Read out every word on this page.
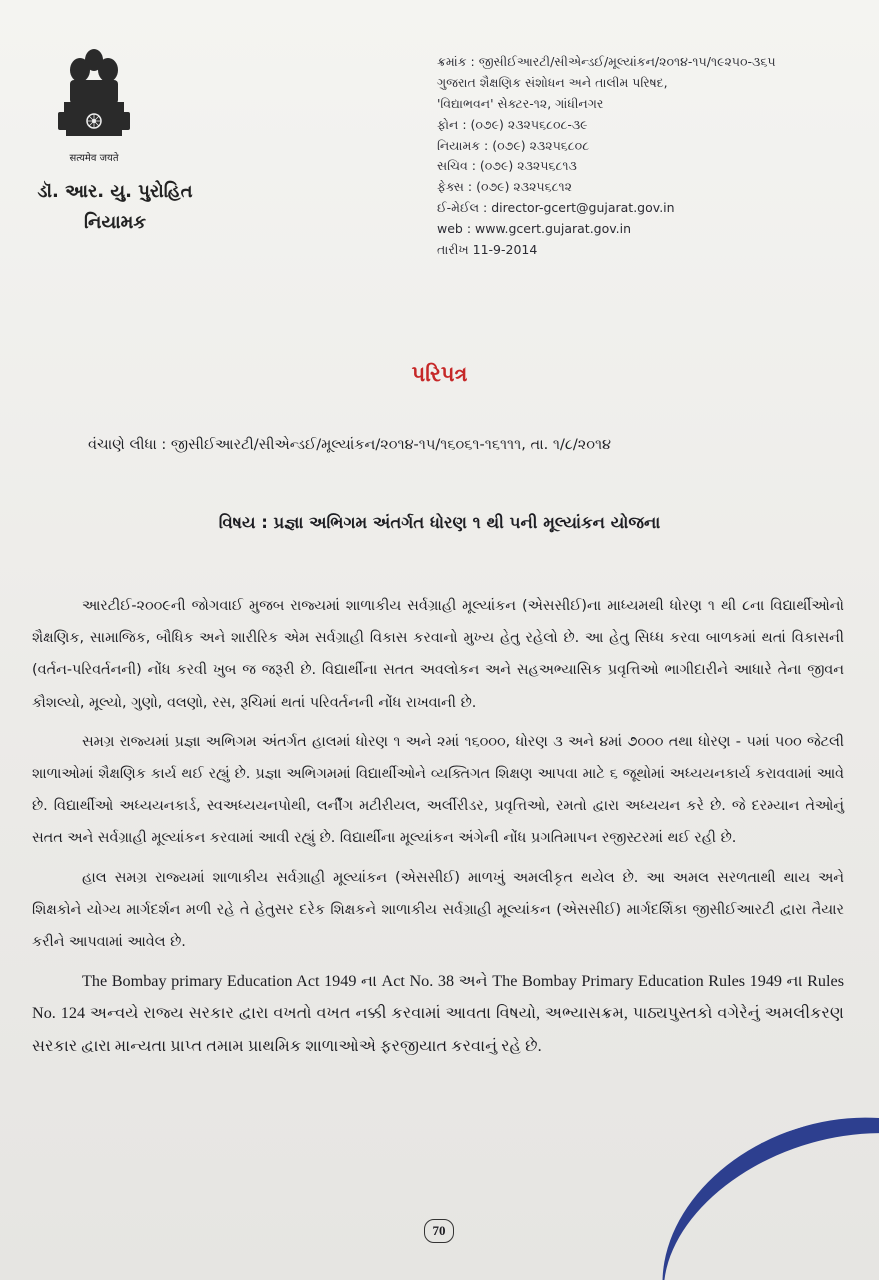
सत्यमेव जयते
ડૉ. આર. યુ. પુરોહિત
નિયામક
ક્રમાંક : જીસીઈઆરટી/સીએન્ડઈ/મૂલ્યાંકન/૨૦૧૪-૧૫/૧૯૨૫૦-૩૬૫
ગુજરાત શૈક્ષણિક સંશોધન અને તાલીમ પરિષદ,
'વિદ્યાભવન' સેક્ટર-૧૨, ગાંધીનગર
ફોન : (૦૭૯) ૨૩૨૫૬૮૦૮-૩૯
નિયામક : (૦૭૯) ૨૩૨૫૬૮૦૮
સચિવ : (૦૭૯) ૨૩૨૫૬૮૧૩
ફેક્સ : (૦૭૯) ૨૩૨૫૬૮૧૨
ઈ-મેઈલ : director-gcert@gujarat.gov.in
web : www.gcert.gujarat.gov.in
તારીખ 11-9-2014
પરિપત્ર
વંચાણે લીધા : જીસીઈઆરટી/સીએન્ડઈ/મૂલ્યાંકન/૨૦૧૪-૧૫/૧૬૦૬૧-૧૬૧૧૧, તા. ૧/૮/૨૦૧૪
વિષય : પ્રજ્ઞા અભિગમ અંતર્ગત ધોરણ ૧ થી ૫ની મૂલ્યાંકન યોજના

આરટીઈ-૨૦૦૯ની જોગવાઈ મુજબ રાજ્યમાં શાળાકીય સર્વગ્રાહી મૂલ્યાંકન (એસસીઈ)ના માધ્યમથી ધોરણ ૧ થી ૮ના વિદ્યાર્થીઓનો શૈક્ષણિક, સામાજિક, બૌધિક અને શારીરિક એમ સર્વગ્રાહી વિકાસ કરવાનો મુખ્ય હેતુ રહેલો છે. આ હેતુ સિધ્ધ કરવા બાળકમાં થતાં વિકાસની (વર્તન-પરિવર્તનની) નોંધ કરવી ખુબ જ જરૂરી છે. વિદ્યાર્થીના સતત અવલોકન અને સહઅભ્યાસિક પ્રવૃત્તિઓ ભાગીદારીને આધારે તેના જીવન કૌશલ્યો, મૂલ્યો, ગુણો, વલણો, રસ, રૂચિમાં થતાં પરિવર્તનની નોંધ રાખવાની છે.

સમગ્ર રાજ્યમાં પ્રજ્ઞા અભિગમ અંતર્ગત હાલમાં ધોરણ ૧ અને ૨માં ૧૬૦૦૦, ધોરણ ૩ અને ૪માં ૭૦૦૦ તથા ધોરણ - ૫માં ૫૦૦ જેટલી શાળાઓમાં શૈક્ષણિક કાર્ય થઈ રહ્યું છે. પ્રજ્ઞા અભિગમમાં વિદ્યાર્થીઓને વ્યક્તિગત શિક્ષણ આપવા માટે ૬ જૂથોમાં અધ્યયનકાર્ય કરાવવામાં આવે છે. વિદ્યાર્થીઓ અધ્યયનકાર્ડ, સ્વઅધ્યયનપોથી, લર્નીંગ મટીરીયલ, અર્લીરીડર, પ્રવૃત્તિઓ, રમતો દ્વારા અધ્યયન કરે છે. જે દરમ્યાન તેઓનું સતત અને સર્વગ્રાહી મૂલ્યાંકન કરવામાં આવી રહ્યું છે. વિદ્યાર્થીના મૂલ્યાંકન અંગેની નોંધ પ્રગતિમાપન રજીસ્ટરમાં થઈ રહી છે.

હાલ સમગ્ર રાજ્યમાં શાળાકીય સર્વગ્રાહી મૂલ્યાંકન (એસસીઈ) માળખું અમલીકૃત થયેલ છે. આ અમલ સરળતાથી થાય અને શિક્ષકોને યોગ્ય માર્ગદર્શન મળી રહે તે હેતુસર દરેક શિક્ષકને શાળાકીય સર્વગ્રાહી મૂલ્યાંકન (એસસીઈ) માર્ગદર્શિકા જીસીઈઆરટી દ્વારા તૈયાર કરીને આપવામાં આવેલ છે.

The Bombay primary Education Act 1949 ના Act No. 38 અને The Bombay Primary Education Rules 1949 ના Rules No. 124 અન્વયે રાજ્ય સરકાર દ્વારા વખતો વખત નક્કી કરવામાં આવતા વિષયો, અભ્યાસક્રમ, પાઠ્યપુસ્તકો વગેરેનું અમલીકરણ સરકાર દ્વારા માન્યતા પ્રાપ્ત તમામ પ્રાથમિક શાળાઓએ ફરજીયાત કરવાનું રહે છે.

70
